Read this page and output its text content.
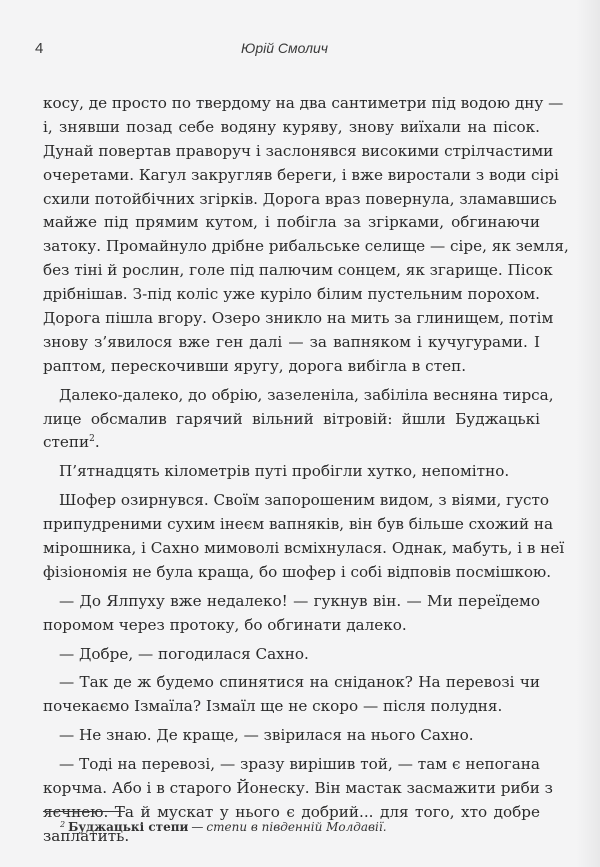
4	Юрій Смолич
косу, де просто по твердому на два сантиметри під водою дну —
і, знявши позад себе водяну куряву, знову виїхали на пісок.
Дунай повертав праворуч і заслонявся високими стрілчастими
очеретами. Кагул закругляв береги, і вже виростали з води сірі
схили потойбічних згірків. Дорога враз повернула, зламавшись
майже під прямим кутом, і побігла за згірками, обгинаючи
затоку. Промайнуло дрібне рибальське селище — сіре, як земля,
без тіні й рослин, голе під палючим сонцем, як згарище. Пісок
дрібнішав. З-під коліс уже куріло білим пустельним порохом.
Дорога пішла вгору. Озеро зникло на мить за глинищем, потім
знову з’явилося вже ген далі — за вапняком і кучугурами. І
раптом, перескочивши яругу, дорога вибігла в степ.
Далеко-далеко, до обрію, зазеленіла, забіліла весняна тирса,
лице обсмалив гарячий вільний вітровій: йшли Буджацькі
степи$^2$.
П’ятнадцять кілометрів путі пробігли хутко, непомітно.
Шофер озирнувся. Своїм запорошеним видом, з віями, густо
припудреними сухим інеєм вапняків, він був більше схожий на
мірошника, і Сахно мимоволі всміхнулася. Однак, мабуть, і в неї
фізіономія не була краща, бо шофер і собі відповів посмішкою.
— До Ялпуху вже недалеко! — гукнув він. — Ми переїдемо
поромом через протоку, бо обгинати далеко.
— Добре, — погодилася Сахно.
— Так де ж будемо спинятися на сніданок? На перевозі чи
почекаємо Ізмаїла? Ізмаїл ще не скоро — після полудня.
— Не знаю. Де краще, — звірилася на нього Сахно.
— Тоді на перевозі, — зразу вирішив той, — там є непогана
корчма. Або і в старого Йонеску. Він мастак засмажити риби з
яєчнею. Та й мускат у нього є добрий... для того, хто добре
заплатить.
$^2$ Буджацькі степи — степи в південній Молдавії.
